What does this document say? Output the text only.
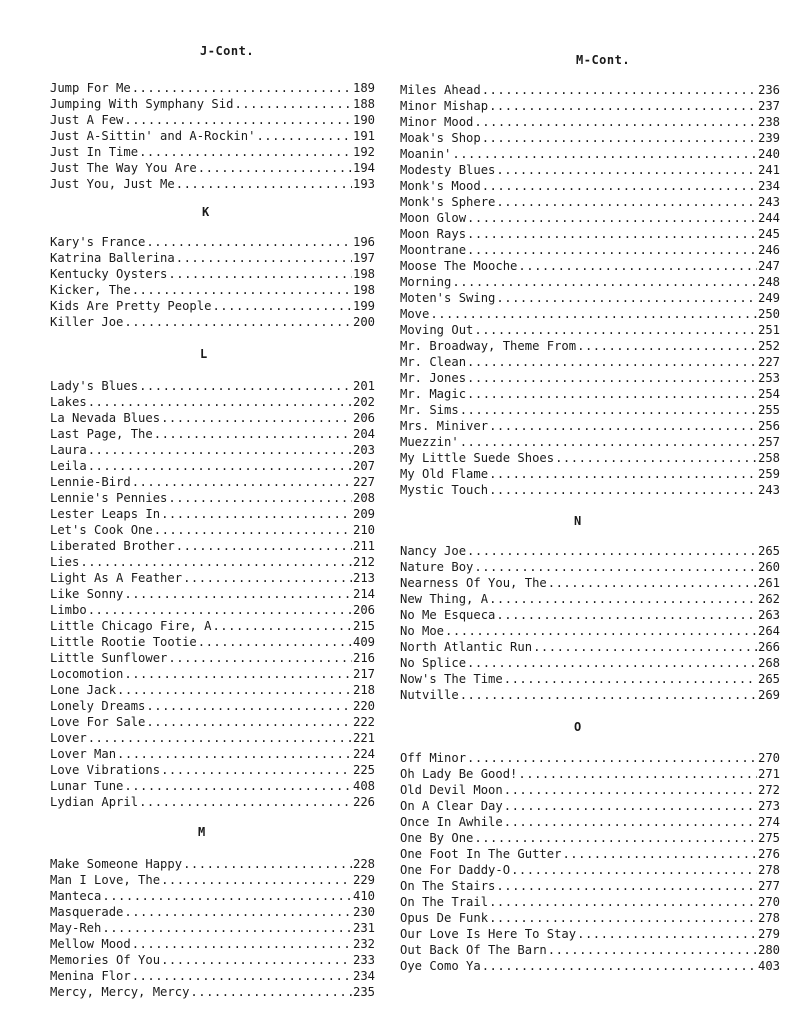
J-Cont.
Jump For Me .....	189
Jumping With Symphany Sid .....	188
Just A Few .....	190
Just A-Sittin' and A-Rockin' .....	191
Just In Time .....	192
Just The Way You Are .....	194
Just You, Just Me .....	193
K
Kary's France .....	196
Katrina Ballerina .....	197
Kentucky Oysters .....	198
Kicker, The .....	198
Kids Are Pretty People .....	199
Killer Joe .....	200
L
Lady's Blues .....	201
Lakes .....	202
La Nevada Blues .....	206
Last Page, The .....	204
Laura .....	203
Leila .....	207
Lennie-Bird .....	227
Lennie's Pennies .....	208
Lester Leaps In .....	209
Let's Cook One .....	210
Liberated Brother .....	211
Lies .....	212
Light As A Feather .....	213
Like Sonny .....	214
Limbo .....	206
Little Chicago Fire, A .....	215
Little Rootie Tootie .....	409
Little Sunflower .....	216
Locomotion .....	217
Lone Jack .....	218
Lonely Dreams .....	220
Love For Sale .....	222
Lover .....	221
Lover Man .....	224
Love Vibrations .....	225
Lunar Tune .....	408
Lydian April .....	226
M
Make Someone Happy .....	228
Man I Love, The .....	229
Manteca .....	410
Masquerade .....	230
May-Reh .....	231
Mellow Mood .....	232
Memories Of You .....	233
Menina Flor .....	234
Mercy, Mercy, Mercy .....	235
M-Cont.
Miles Ahead .....	236
Minor Mishap .....	237
Minor Mood .....	238
Moak's Shop .....	239
Moanin' .....	240
Modesty Blues .....	241
Monk's Mood .....	234
Monk's Sphere .....	243
Moon Glow .....	244
Moon Rays .....	245
Moontrane .....	246
Moose The Mooche .....	247
Morning .....	248
Moten's Swing .....	249
Move .....	250
Moving Out .....	251
Mr. Broadway, Theme From .....	252
Mr. Clean .....	227
Mr. Jones .....	253
Mr. Magic .....	254
Mr. Sims .....	255
Mrs. Miniver .....	256
Muezzin' .....	257
My Little Suede Shoes .....	258
My Old Flame .....	259
Mystic Touch .....	243
N
Nancy Joe .....	265
Nature Boy .....	260
Nearness Of You, The .....	261
New Thing, A .....	262
No Me Esqueca .....	263
No Moe .....	264
North Atlantic Run .....	266
No Splice .....	268
Now's The Time .....	265
Nutville .....	269
O
Off Minor .....	270
Oh Lady Be Good! .....	271
Old Devil Moon .....	272
On A Clear Day .....	273
Once In Awhile .....	274
One By One .....	275
One Foot In The Gutter .....	276
One For Daddy-O .....	278
On The Stairs .....	277
On The Trail .....	270
Opus De Funk .....	278
Our Love Is Here To Stay .....	279
Out Back Of The Barn .....	280
Oye Como Ya .....	403
